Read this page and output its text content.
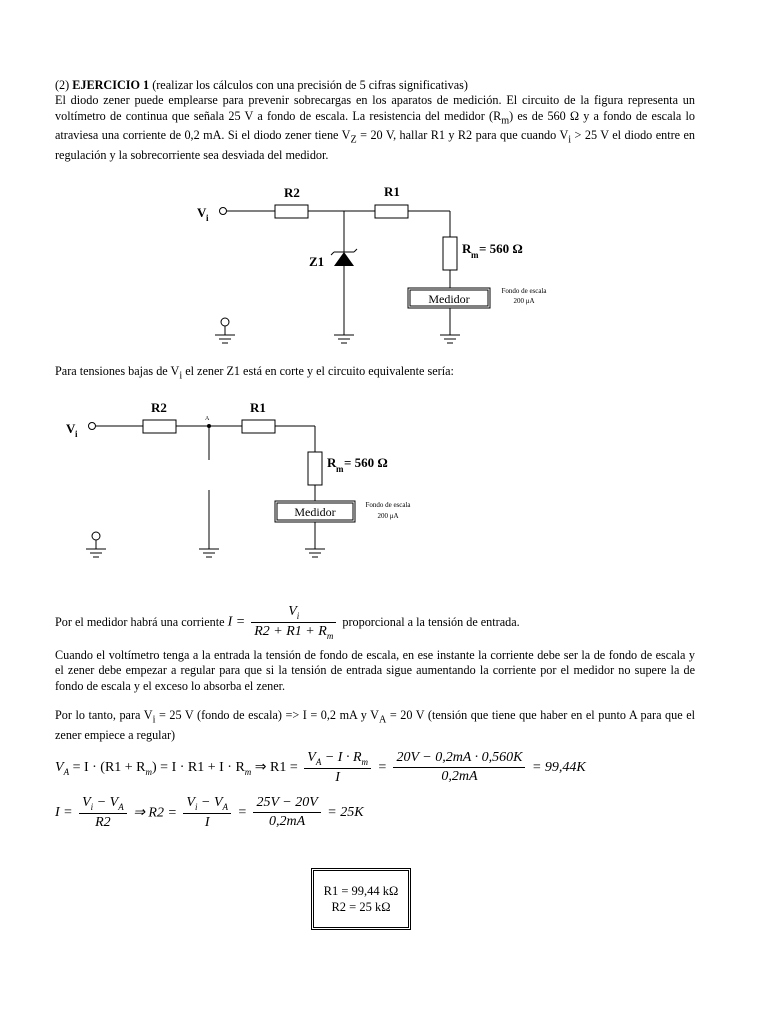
(2) EJERCICIO 1 (realizar los cálculos con una precisión de 5 cifras significativas)
El diodo zener puede emplearse para prevenir sobrecargas en los aparatos de medición. El circuito de la figura representa un voltímetro de continua que señala 25 V a fondo de escala. La resistencia del medidor $(R_m)$ es de 560 Ω y a fondo de escala lo atraviesa una corriente de 0,2 mA. Si el diodo zener tiene $V_Z = 20$ V, hallar R1 y R2 para que cuando $V_i > 25$ V el diodo entre en regulación y la sobrecorriente sea desviada del medidor.
V i
R2	R1
Z1
R m = 560 Ω
Medidor
Fondo de escala
200 μA
Para tensiones bajas de $V_i$ el zener Z1 está en corte y el circuito equivalente sería:
V i
R2	R1
A
R m = 560 Ω
Medidor	Fondo de escala
200 μA
Por el medidor habrá una corriente $I = \frac{V_i}{R2 + R1 + R_m}$ proporcional a la tensión de entrada.
Cuando el voltímetro tenga a la entrada la tensión de fondo de escala, en ese instante la corriente debe ser la de fondo de escala y el zener debe empezar a regular para que si la tensión de entrada sigue aumentando la corriente por el medidor no supere la de fondo de escala y el exceso lo absorba el zener.
Por lo tanto, para $V_i = 25$ V (fondo de escala) => I = 0,2 mA y $V_A = 20$ V (tensión que tiene que haber en el punto A para que el zener empiece a regular)
$V_A = I \cdot (R1 + R_m) = I \cdot R1 + I \cdot R_m$ ⇒ $R1 = \frac{V_A - I \cdot R_m}{I} = \frac{20V - 0,2mA \cdot 0,560K}{0,2mA} = 99,44K$
$I = \frac{V_i - V_A}{R2}$ ⇒ $R2 = \frac{V_i - V_A}{I} = \frac{25V - 20V}{0,2mA} = 25K$
R1 = 99,44 kΩ
R2 = 25 kΩ
